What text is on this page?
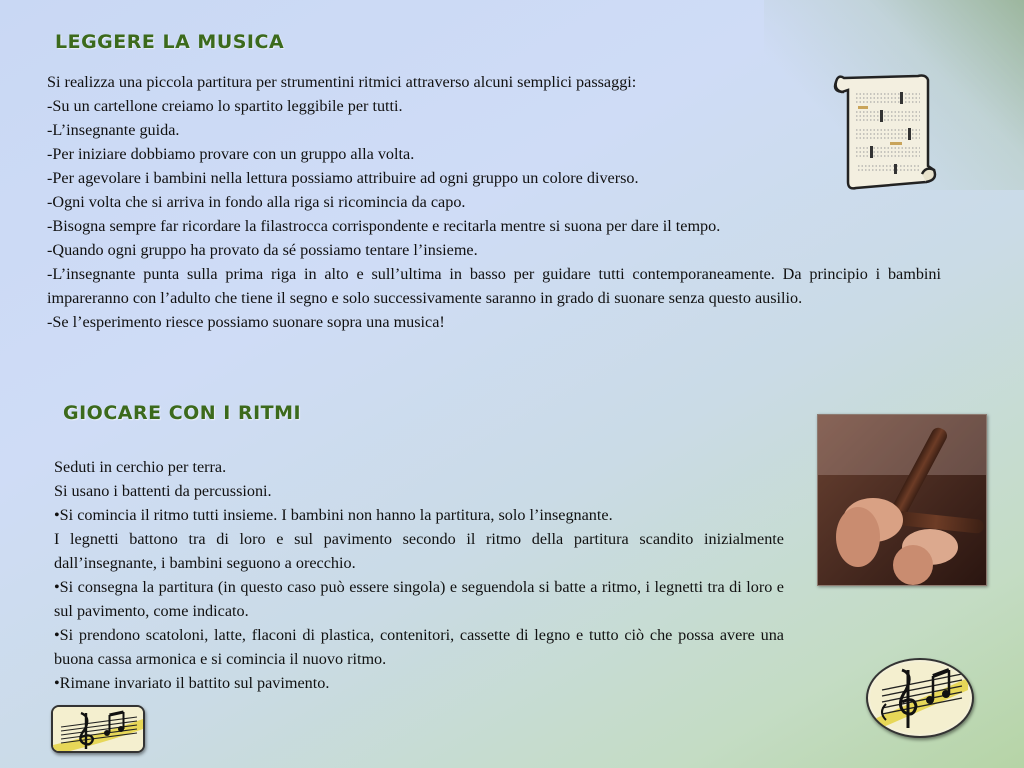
LEGGERE LA MUSICA

Si realizza una piccola partitura per strumentini ritmici attraverso alcuni semplici passaggi:

-Su un cartellone creiamo lo spartito leggibile per tutti.

-L’insegnante guida.

-Per iniziare dobbiamo provare con un gruppo alla volta.

-Per agevolare i bambini nella lettura possiamo attribuire ad ogni gruppo un colore diverso.

-Ogni volta che si arriva in fondo alla riga si ricomincia da capo.

-Bisogna sempre far ricordare la filastrocca corrispondente e recitarla mentre si suona per dare il tempo.

-Quando ogni gruppo ha provato da sé possiamo tentare l’insieme.

-L’insegnante punta sulla prima riga in alto e sull’ultima in basso per guidare tutti contemporaneamente. Da principio i bambini impareranno con l’adulto che tiene il segno e solo successivamente saranno in grado di suonare senza questo ausilio.

-Se l’esperimento riesce possiamo suonare sopra una musica!

GIOCARE CON I RITMI

Seduti in cerchio per terra.

Si usano i battenti da percussioni.

•Si comincia il ritmo tutti insieme. I bambini non hanno la partitura, solo l’insegnante.

I legnetti battono tra di loro e sul pavimento secondo il ritmo della partitura scandito inizialmente dall’insegnante, i bambini seguono a orecchio.

•Si consegna la partitura (in questo caso può essere singola) e seguendola si batte a ritmo, i legnetti tra di loro e sul pavimento, come indicato.

•Si prendono scatoloni, latte, flaconi di plastica, contenitori, cassette di legno e tutto ciò che possa avere una buona cassa armonica e si comincia il nuovo ritmo.

•Rimane invariato il battito sul pavimento.
